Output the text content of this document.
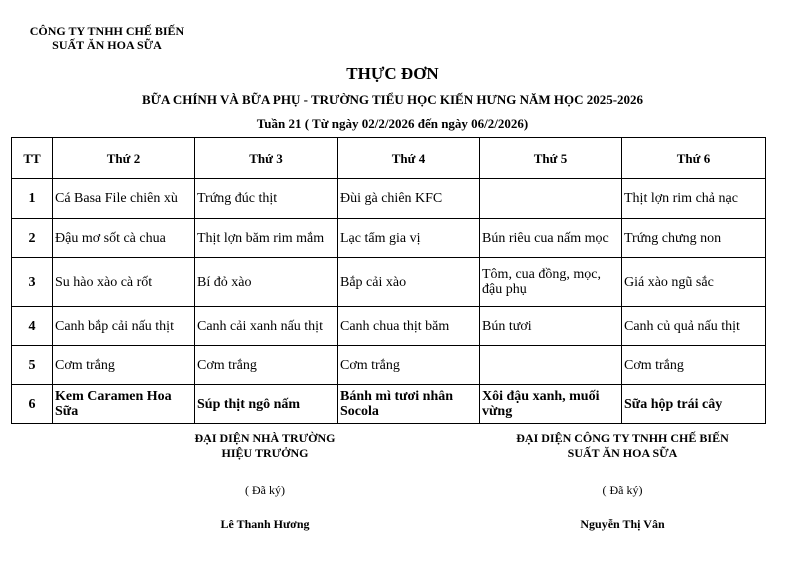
CÔNG TY TNHH CHẾ BIẾN
SUẤT ĂN HOA SỮA
THỰC ĐƠN
BỮA CHÍNH VÀ BỮA PHỤ - TRƯỜNG TIỂU HỌC KIẾN HƯNG NĂM HỌC 2025-2026
Tuần 21 ( Từ ngày 02/2/2026 đến ngày 06/2/2026)
TT	Thứ 2	Thứ 3	Thứ 4	Thứ 5	Thứ 6
1	Cá Basa File chiên xù	Trứng đúc thịt	Đùi gà chiên KFC		Thịt lợn rim chả nạc
2	Đậu mơ sốt cà chua	Thịt lợn băm rim mắm	Lạc tẩm gia vị	Bún riêu cua nấm mọc	Trứng chưng non
3	Su hào xào cà rốt	Bí đỏ xào	Bắp cải xào	Tôm, cua đồng, mọc, đậu phụ	Giá xào ngũ sắc
4	Canh bắp cải nấu thịt	Canh cải xanh nấu thịt	Canh chua thịt băm	Bún tươi	Canh củ quả nấu thịt
5	Cơm trắng	Cơm trắng	Cơm trắng		Cơm trắng
6	Kem Caramen Hoa Sữa	Súp thịt ngô nấm	Bánh mì tươi nhân Socola	Xôi đậu xanh, muối vừng	Sữa hộp trái cây
ĐẠI DIỆN NHÀ TRƯỜNG
HIỆU TRƯỞNG
( Đã ký)
Lê Thanh Hương
ĐẠI DIỆN CÔNG TY TNHH CHẾ BIẾN
SUẤT ĂN HOA SỮA
( Đã ký)
Nguyễn Thị Vân
